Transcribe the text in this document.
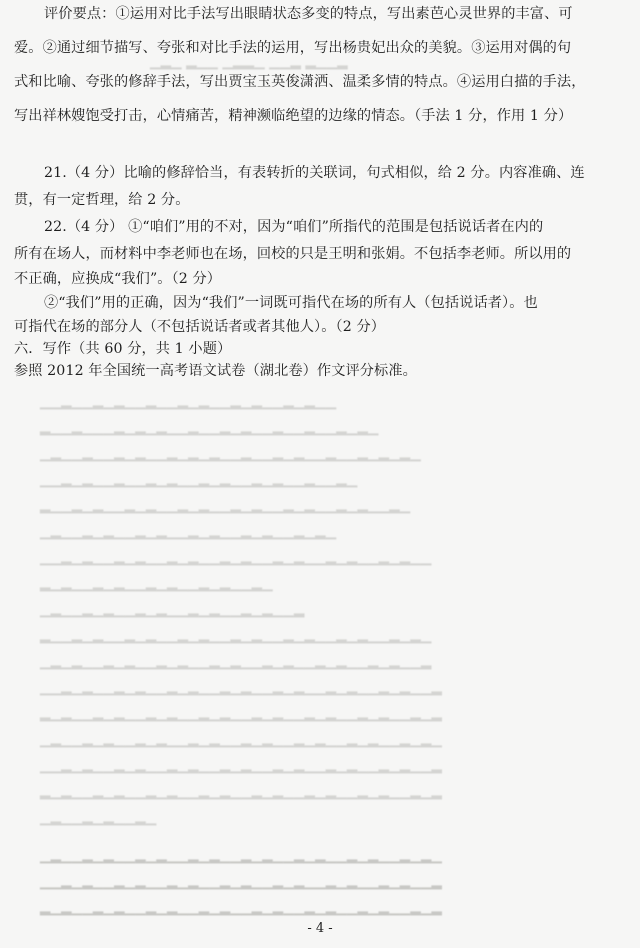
▁▂▁ ▂▁▁ ▁▂▂▁ ▁▁▂ ▂▁▁▂
▁▁▂▁▁▂▁▂▁▁▂▁▁▂▁▂▁▁▂▁▂▁▁▂▁▂▁▁
▂▁▁▂▁▁▁▂▁▂▁▂▁▁▂▁▁▂▁▂▁▁▂▁▁▂▁▁▂▁▂▁
▁▂▁▁▂▁▁▂▁▂▁▁▂▁▂▁▂▁▁▂▁▁▂▁▂▁▁▂▁▁▂▁▂▁▂▁
▁▁▂▁▂▁▁▂▁▁▂▁▂▁▁▂▁▂▁▁▂▁▂▁▁▂▁▁▂▁
▂▁▁▂▁▂▁▁▂▁▂▁▁▂▁▂▁▁▂▁▂▁▁▂▁▂▁▁▂▁▂▁▁▂▁
▁▂▁▁▂▁▂▁▁▂▁▂▁▁▂▁▂▁▁▂▁▂▁▁▂▁▂▁
▁▁▂▁▂▁▁▂▁▂▁▁▂▁▂▁▁▂▁▂▁▁▂▁▂▁▁▂▁▂▁▁▂▁▂▁▁
▂▁▂▁▁▂▁▂▁▁▂▁▂▁▁▂▁▂▁▁▂▁
▁▂▁▁▂▁▂▁▁▂▁▂▁▁▂▁▂▁▁▂▁▂▁▁▂
▂▁▁▂▁▂▁▁▂▁▂▁▁▂▁▂▁▁▂▁▂▁▁▂▁▂▁▁▂▁▂▁▁▂▁▂▁
▁▂▁▂▁▁▂▁▂▁▁▂▁▂▁▁▂▁▂▁▁▂▁▂▁▁▂▁▂▁▁▂▁▂▁▁▂
▁▁▂▁▂▁▁▂▁▂▁▁▂▁▂▁▁▂▁▂▁▁▂▁▂▁▁▂▁▂▁▁▂▁▂▁▁▂
▂▁▂▁▁▂▁▂▁▁▂▁▂▁▁▂▁▂▁▁▂▁▂▁▁▂▁▂▁▁▂▁▂▁▁▂▁▂
▁▂▁▁▂▁▂▁▁▂▁▂▁▁▂▁▂▁▁▂▁▂▁▁▂▁▂▁▁▂▁▂▁▁▂▁▂▁
▁▁▂▁▂▁▁▂▁▂▁▁▂▁▂▁▁▂▁▂▁▁▂▁▂▁▁▂▁▂▁▁▂▁▂▁▁▂
▂▁▂▁▁▂▁▂▁▁▂▁▂▁▁▂▁▂▁▁▂▁▂▁▁▂▁▂▁▁▂▁▂▁▁▂▁▂
▁▂▁▁▂▁▂▁▁▂▁
▁▂▁▁▂▁▂▁▁▂▁▂▁▁▂▁▂▁▁▂▁▂▁▁▂▁▂▁▁▂▁▂▁▁▂▁▂▁
▁▁▂▁▂▁▁▂▁▂▁▁▂▁▂▁▁▂▁▂▁▁▂▁▂▁▁▂▁▂▁▁▂▁▂▁▁▂
▂▁▂▁▁▂▁▂▁▁▂▁▂▁▁▂▁▂▁▁▂▁▂▁▁▂▁▂▁▁▂▁▂▁▁▂▁▂
评价要点：①运用对比手法写出眼睛状态多变的特点，写出素芭心灵世界的丰富、可
爱。②通过细节描写、夸张和对比手法的运用，写出杨贵妃出众的美貌。③运用对偶的句
式和比喻、夸张的修辞手法，写出贾宝玉英俊潇洒、温柔多情的特点。④运用白描的手法，
写出祥林嫂饱受打击，心情痛苦，精神濒临绝望的边缘的情态。（手法 1 分，作用 1 分）
21.（4 分）比喻的修辞恰当，有表转折的关联词，句式相似，给 2 分。内容准确、连
贯，有一定哲理，给 2 分。
22.（4 分） ①“咱们”用的不对，因为“咱们”所指代的范围是包括说话者在内的
所有在场人，而材料中李老师也在场，回校的只是王明和张娟。不包括李老师。所以用的
不正确，应换成“我们”。（2 分）
②“我们”用的正确，因为“我们”一词既可指代在场的所有人（包括说话者）。也
可指代在场的部分人（不包括说话者或者其他人）。（2 分）
六．写作（共 60 分，共 1 小题）
参照 2012 年全国统一高考语文试卷（湖北卷）作文评分标准。
- 4 -
